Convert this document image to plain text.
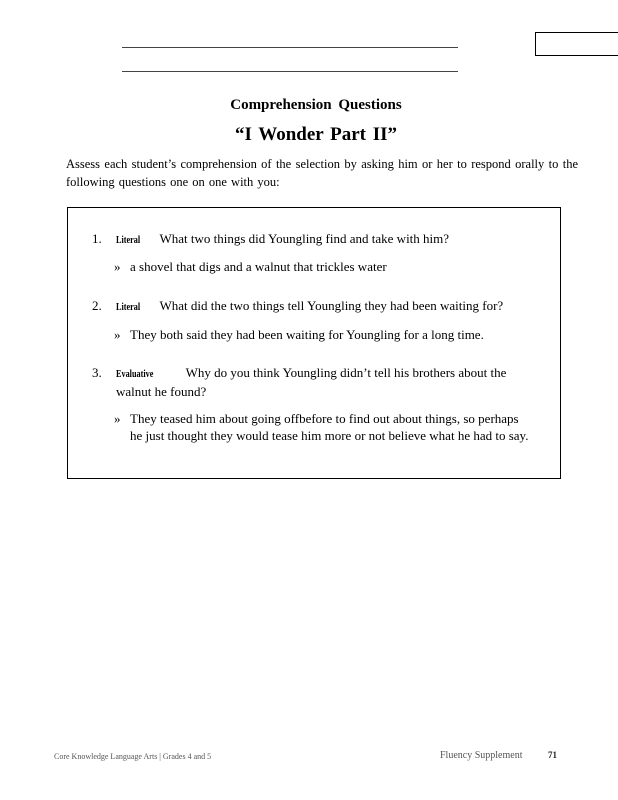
Comprehension Questions
“I Wonder Part II”
Assess each student’s comprehension of the selection by asking him or her to respond orally to the following questions one on one with you:
1. Literal What two things did Youngling find and take with him?
» a shovel that digs and a walnut that trickles water
2. Literal What did the two things tell Youngling they had been waiting for?
» They both said they had been waiting for Youngling for a long time.
3. Evaluative Why do you think Youngling didn’t tell his brothers about the
walnut he found?
» They teased him about going offbefore to find out about things, so perhaps he just thought they would tease him more or not believe what he had to say.
Core Knowledge Language Arts | Grades 4 and 5	Fluency Supplement	71
